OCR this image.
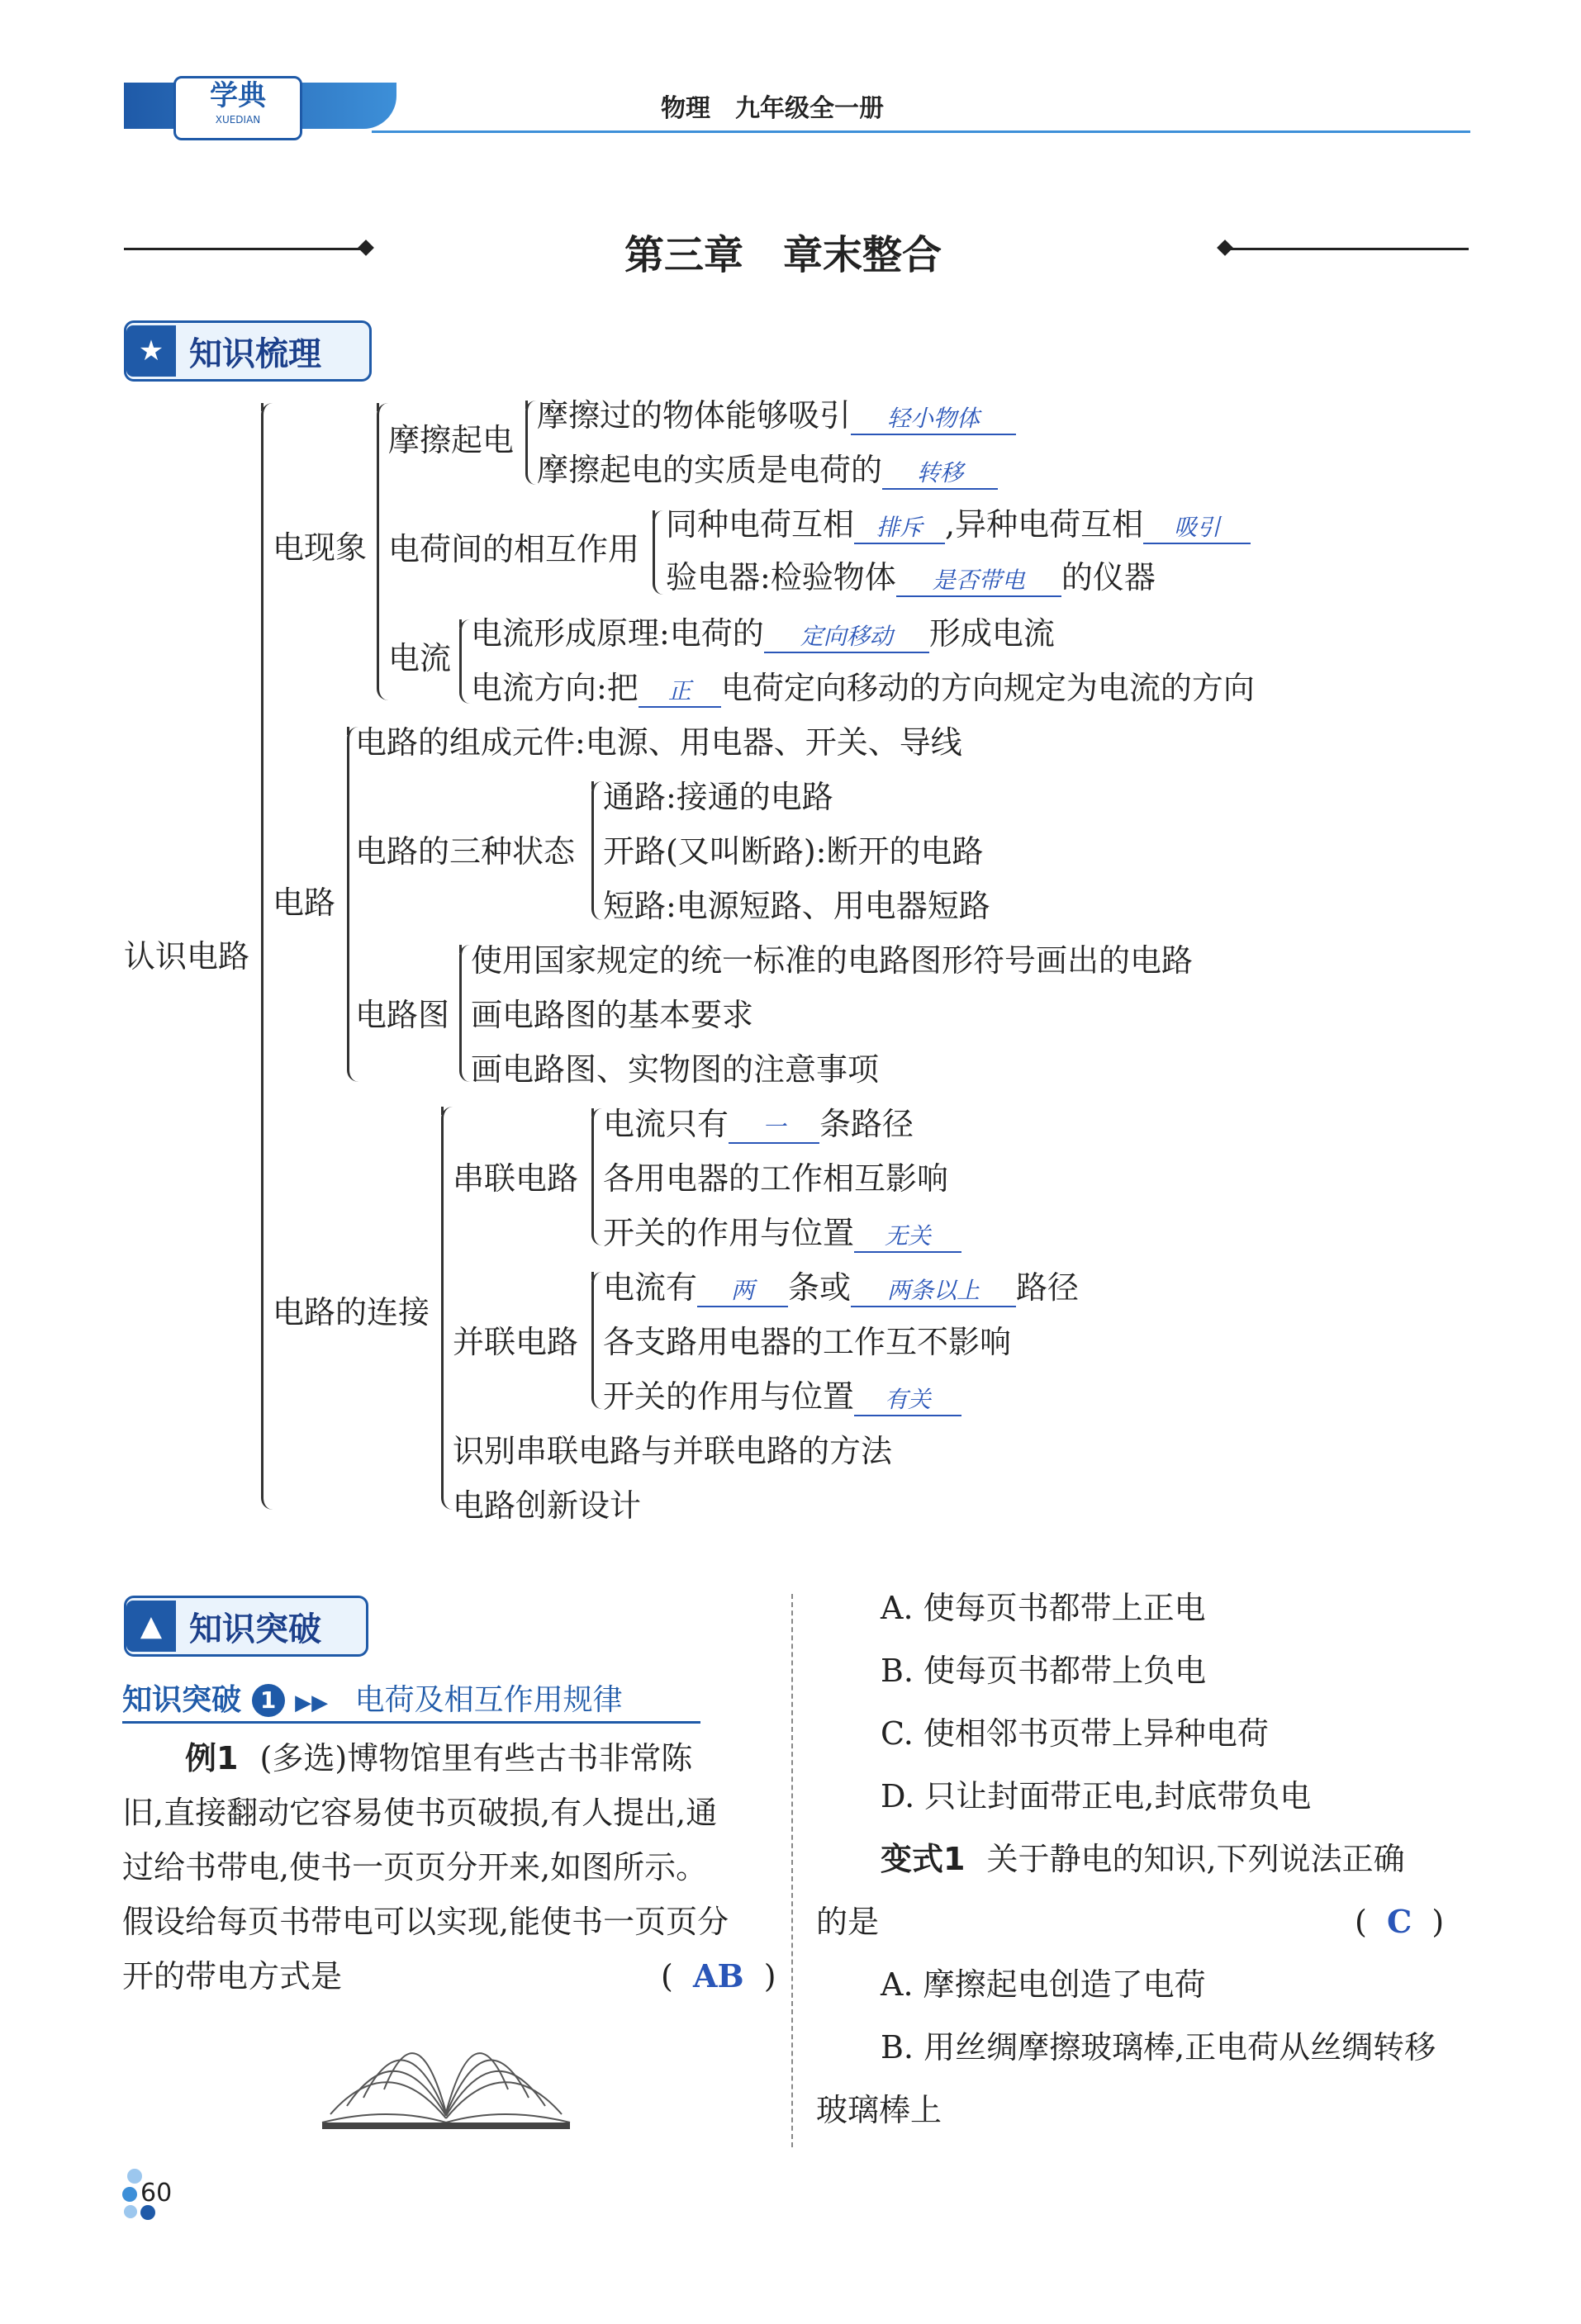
学典
XUEDIAN	物理　九年级全一册
第三章　章末整合
★ 知识梳理
认识电路
电现象
摩擦起电
摩擦过的物体能够吸引 轻小物体
摩擦起电的实质是电荷的 转移
电荷间的相互作用
同种电荷互相 排斥 ,异种电荷互相 吸引
验电器:检验物体 是否带电 的仪器
电流
电流形成原理:电荷的 定向移动 形成电流
电流方向:把 正 电荷定向移动的方向规定为电流的方向
电路
电路的组成元件:电源、用电器、开关、导线
电路的三种状态
通路:接通的电路
开路(又叫断路):断开的电路
短路:电源短路、用电器短路
电路图
使用国家规定的统一标准的电路图形符号画出的电路
画电路图的基本要求
画电路图、实物图的注意事项
电路的连接
串联电路
电流只有 一 条路径
各用电器的工作相互影响
开关的作用与位置 无关
并联电路
电流有 两 条或 两条以上 路径
各支路用电器的工作互不影响
开关的作用与位置 有关
识别串联电路与并联电路的方法
电路创新设计
▲ 知识突破
知识突破 1 ▶▶ 电荷及相互作用规律
例1 (多选)博物馆里有些古书非常陈
旧,直接翻动它容易使书页破损,有人提出,通
过给书带电,使书一页页分开来,如图所示。
假设给每页书带电可以实现,能使书一页页分
开的带电方式是	(  AB  )
A. 使每页书都带上正电
B. 使每页书都带上负电
C. 使相邻书页带上异种电荷
D. 只让封面带正电,封底带负电
变式1 关于静电的知识,下列说法正确
的是	(  C  )
A. 摩擦起电创造了电荷
B. 用丝绸摩擦玻璃棒,正电荷从丝绸转移
玻璃棒上
60
